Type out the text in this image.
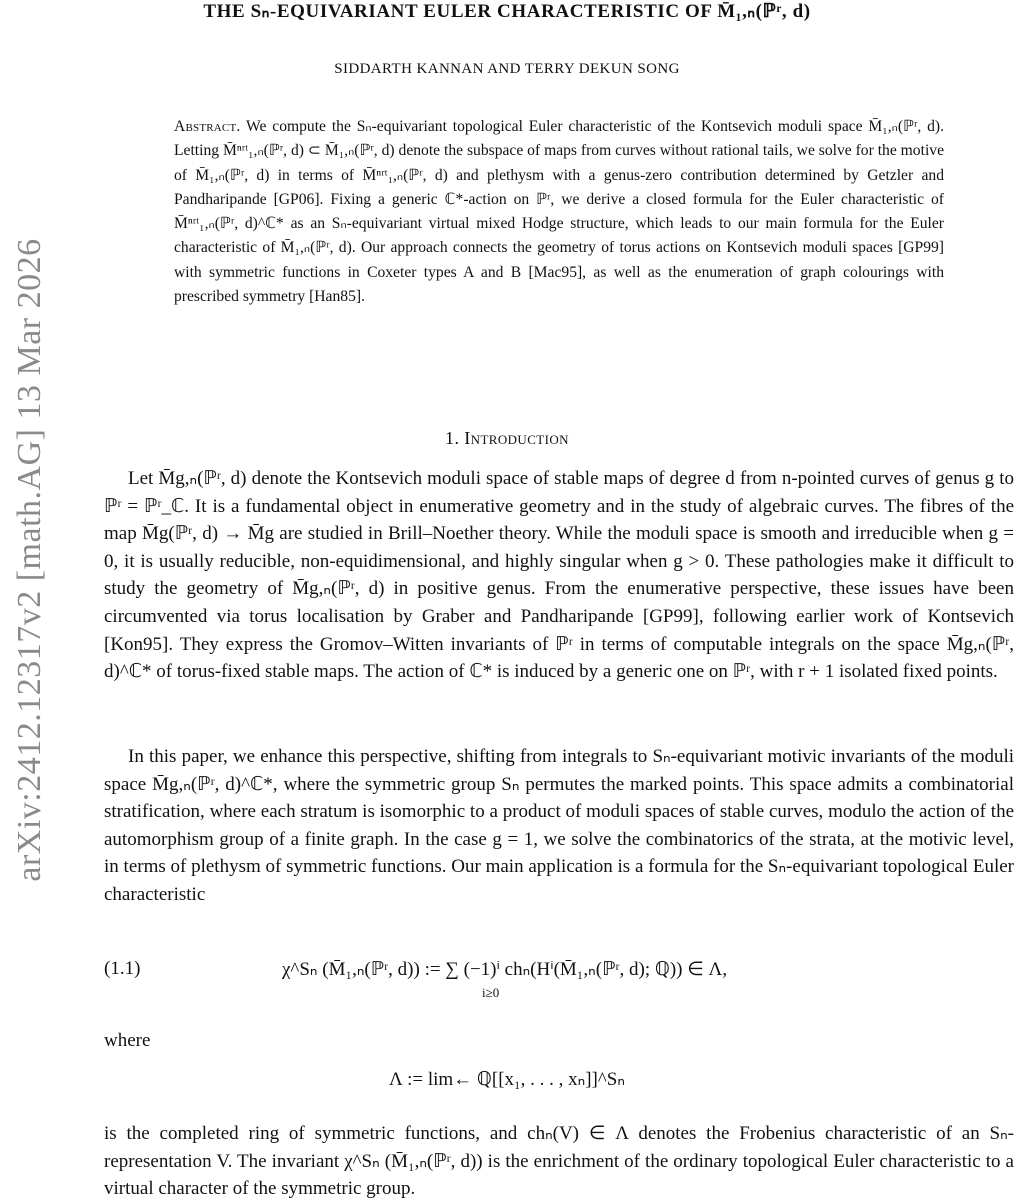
arXiv:2412.12317v2 [math.AG] 13 Mar 2026
THE Sₙ-EQUIVARIANT EULER CHARACTERISTIC OF M̄₁,ₙ(ℙʳ, d)
SIDDARTH KANNAN AND TERRY DEKUN SONG
Abstract. We compute the Sₙ-equivariant topological Euler characteristic of the Kontsevich moduli space M̄₁,ₙ(ℙʳ, d). Letting M̄ⁿʳᵗ₁,ₙ(ℙʳ, d) ⊂ M̄₁,ₙ(ℙʳ, d) denote the subspace of maps from curves without rational tails, we solve for the motive of M̄₁,ₙ(ℙʳ, d) in terms of M̄ⁿʳᵗ₁,ₙ(ℙʳ, d) and plethysm with a genus-zero contribution determined by Getzler and Pandharipande [GP06]. Fixing a generic ℂ*-action on ℙʳ, we derive a closed formula for the Euler characteristic of M̄ⁿʳᵗ₁,ₙ(ℙʳ, d)^ℂ* as an Sₙ-equivariant virtual mixed Hodge structure, which leads to our main formula for the Euler characteristic of M̄₁,ₙ(ℙʳ, d). Our approach connects the geometry of torus actions on Kontsevich moduli spaces [GP99] with symmetric functions in Coxeter types A and B [Mac95], as well as the enumeration of graph colourings with prescribed symmetry [Han85].
1. Introduction

Let M̄g,ₙ(ℙʳ, d) denote the Kontsevich moduli space of stable maps of degree d from n-pointed curves of genus g to ℙʳ = ℙʳ_ℂ. It is a fundamental object in enumerative geometry and in the study of algebraic curves. The fibres of the map M̄g(ℙʳ, d) → M̄g are studied in Brill–Noether theory. While the moduli space is smooth and irreducible when g = 0, it is usually reducible, non-equidimensional, and highly singular when g > 0. These pathologies make it difficult to study the geometry of M̄g,ₙ(ℙʳ, d) in positive genus. From the enumerative perspective, these issues have been circumvented via torus localisation by Graber and Pandharipande [GP99], following earlier work of Kontsevich [Kon95]. They express the Gromov–Witten invariants of ℙʳ in terms of computable integrals on the space M̄g,ₙ(ℙʳ, d)^ℂ* of torus-fixed stable maps. The action of ℂ* is induced by a generic one on ℙʳ, with r + 1 isolated fixed points.

In this paper, we enhance this perspective, shifting from integrals to Sₙ-equivariant motivic invariants of the moduli space M̄g,ₙ(ℙʳ, d)^ℂ*, where the symmetric group Sₙ permutes the marked points. This space admits a combinatorial stratification, where each stratum is isomorphic to a product of moduli spaces of stable curves, modulo the action of the automorphism group of a finite graph. In the case g = 1, we solve the combinatorics of the strata, at the motivic level, in terms of plethysm of symmetric functions. Our main application is a formula for the Sₙ-equivariant topological Euler characteristic

(1.1)	χ^Sₙ (M̄₁,ₙ(ℙʳ, d)) := ∑ (−1)ⁱ chₙ(Hⁱ(M̄₁,ₙ(ℙʳ, d); ℚ)) ∈ Λ,
i≥0
where
Λ := lim← ℚ[[x₁, . . . , xₙ]]^Sₙ

is the completed ring of symmetric functions, and chₙ(V) ∈ Λ denotes the Frobenius characteristic of an Sₙ-representation V. The invariant χ^Sₙ (M̄₁,ₙ(ℙʳ, d)) is the enrichment of the ordinary topological Euler characteristic to a virtual character of the symmetric group.
